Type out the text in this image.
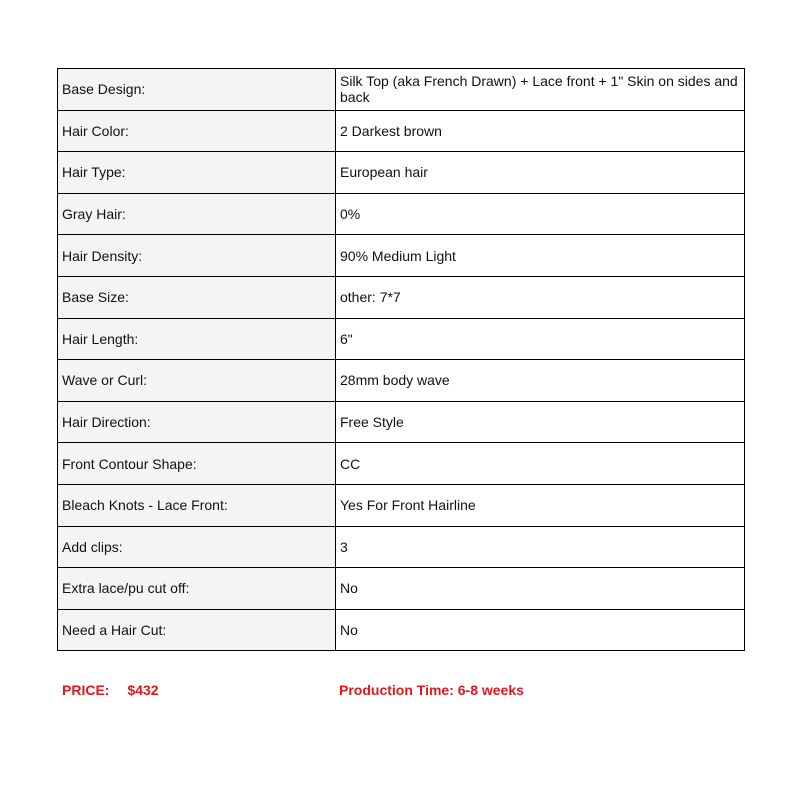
Base Design:	Silk Top (aka French Drawn) + Lace front + 1" Skin on sides and back
Hair Color:	2 Darkest brown
Hair Type:	European hair
Gray Hair:	0%
Hair Density:	90% Medium Light
Base Size:	other: 7*7
Hair Length:	6"
Wave or Curl:	28mm body wave
Hair Direction:	Free Style
Front Contour Shape:	CC
Bleach Knots - Lace Front:	Yes For Front Hairline
Add clips:	3
Extra lace/pu cut off:	No
Need a Hair Cut:	No
PRICE: $432	Production Time: 6-8 weeks
